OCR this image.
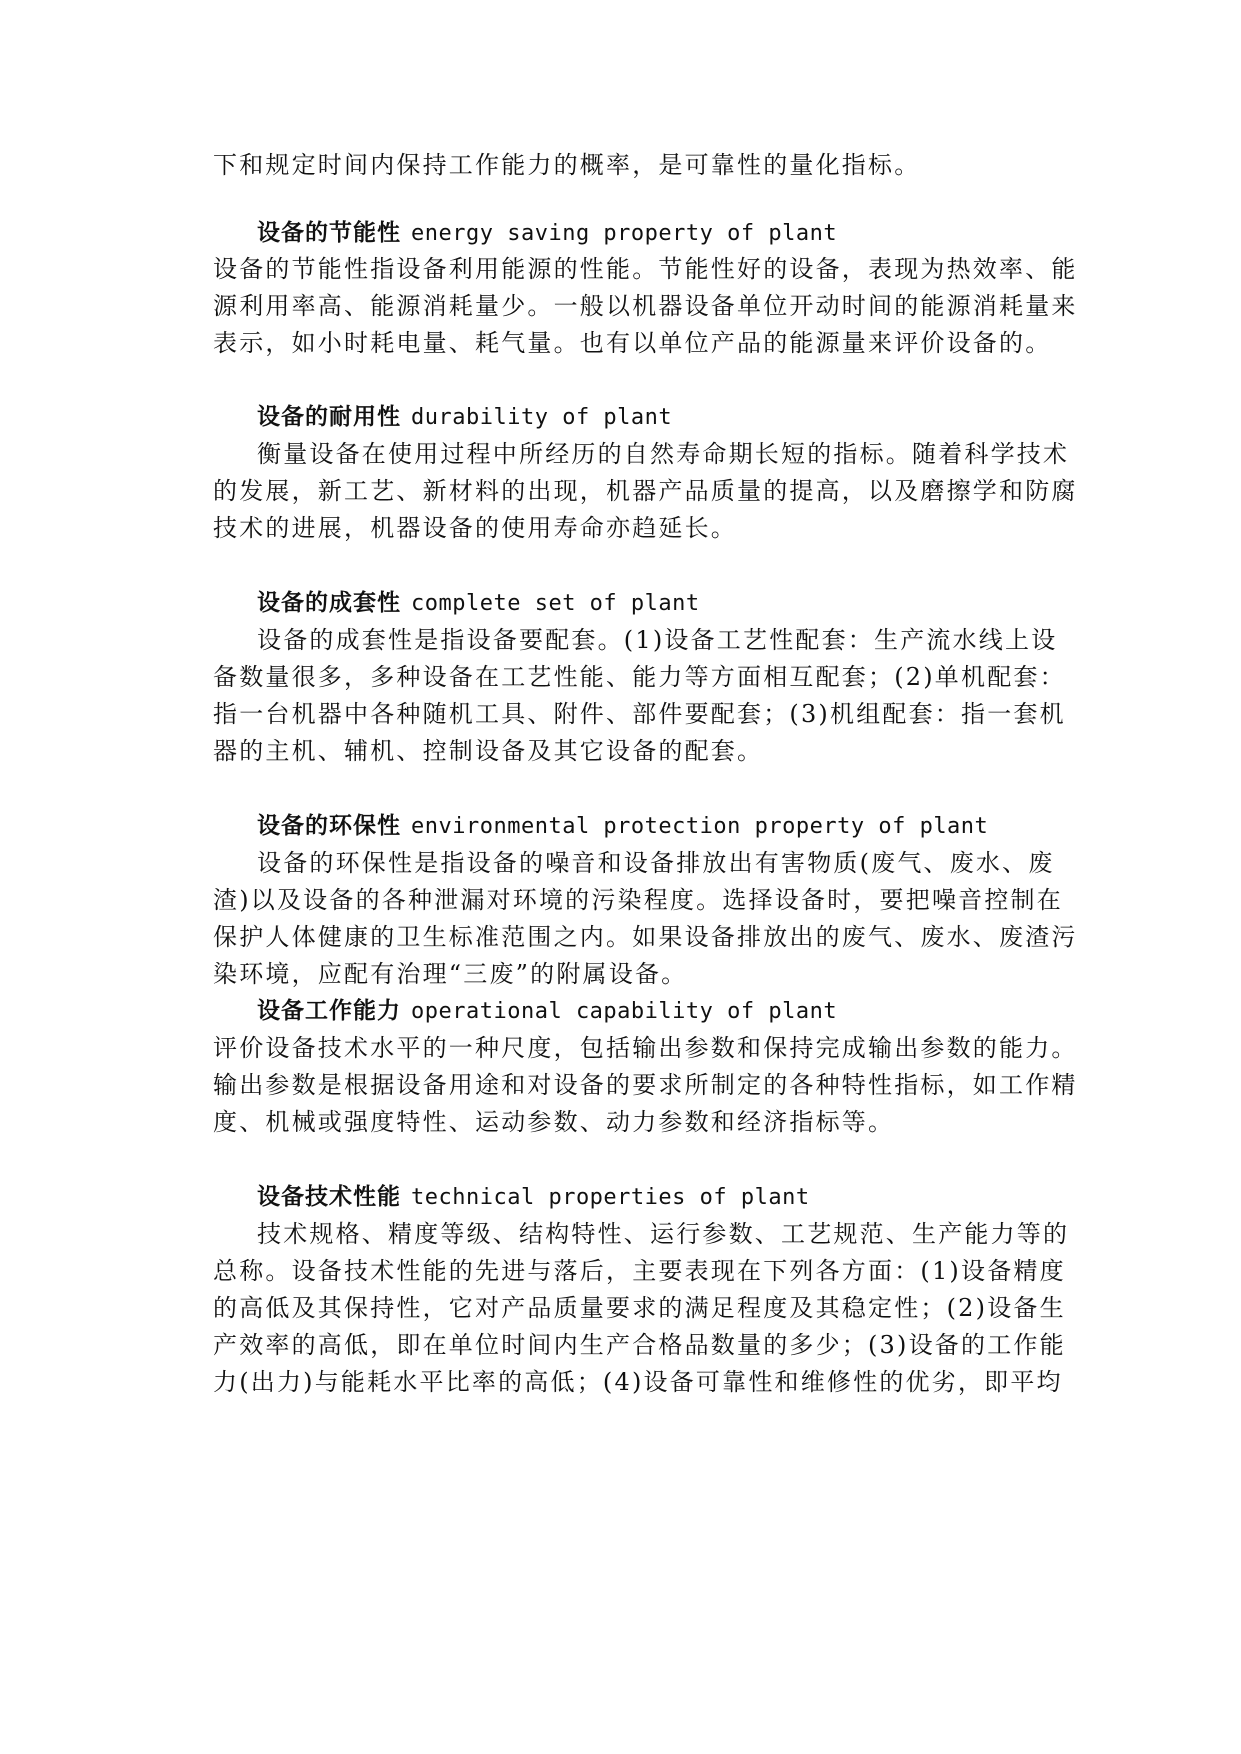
下和规定时间内保持工作能力的概率，是可靠性的量化指标。
设备的节能性 energy saving property of plant
设备的节能性指设备利用能源的性能。节能性好的设备，表现为热效率、能
源利用率高、能源消耗量少。一般以机器设备单位开动时间的能源消耗量来
表示，如小时耗电量、耗气量。也有以单位产品的能源量来评价设备的。
设备的耐用性 durability of plant
衡量设备在使用过程中所经历的自然寿命期长短的指标。随着科学技术
的发展，新工艺、新材料的出现，机器产品质量的提高，以及磨擦学和防腐
技术的进展，机器设备的使用寿命亦趋延长。
设备的成套性 complete set of plant
设备的成套性是指设备要配套。(1)设备工艺性配套：生产流水线上设
备数量很多，多种设备在工艺性能、能力等方面相互配套；(2)单机配套：
指一台机器中各种随机工具、附件、部件要配套；(3)机组配套：指一套机
器的主机、辅机、控制设备及其它设备的配套。
设备的环保性 environmental protection property of plant
设备的环保性是指设备的噪音和设备排放出有害物质(废气、废水、废
渣)以及设备的各种泄漏对环境的污染程度。选择设备时，要把噪音控制在
保护人体健康的卫生标准范围之内。如果设备排放出的废气、废水、废渣污
染环境，应配有治理“三废”的附属设备。
设备工作能力 operational capability of plant
评价设备技术水平的一种尺度，包括输出参数和保持完成输出参数的能力。
输出参数是根据设备用途和对设备的要求所制定的各种特性指标，如工作精
度、机械或强度特性、运动参数、动力参数和经济指标等。
设备技术性能 technical properties of plant
技术规格、精度等级、结构特性、运行参数、工艺规范、生产能力等的
总称。设备技术性能的先进与落后，主要表现在下列各方面：(1)设备精度
的高低及其保持性，它对产品质量要求的满足程度及其稳定性；(2)设备生
产效率的高低，即在单位时间内生产合格品数量的多少；(3)设备的工作能
力(出力)与能耗水平比率的高低；(4)设备可靠性和维修性的优劣，即平均
